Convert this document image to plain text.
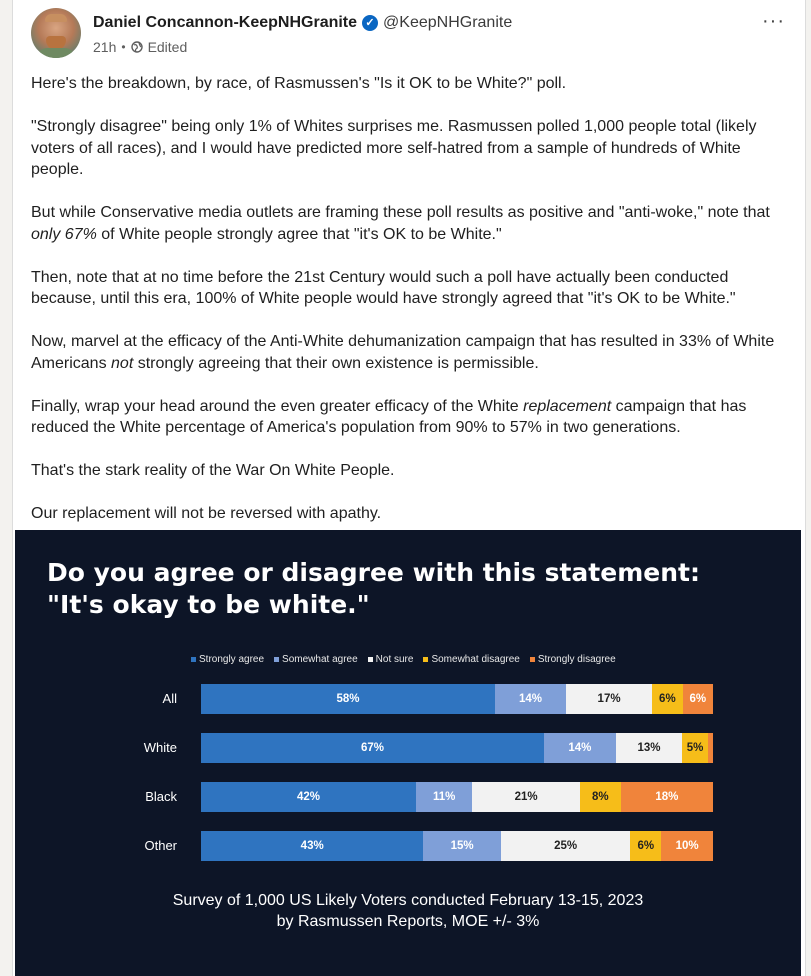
Daniel Concannon-KeepNHGranite ✓ @KeepNHGranite
21h • Edited
···

Here's the breakdown, by race, of Rasmussen's "Is it OK to be White?" poll.

"Strongly disagree" being only 1% of Whites surprises me. Rasmussen polled 1,000 people total (likely voters of all races), and I would have predicted more self-hatred from a sample of hundreds of White people.

But while Conservative media outlets are framing these poll results as positive and "anti-woke," note that only 67% of White people strongly agree that "it's OK to be White."

Then, note that at no time before the 21st Century would such a poll have actually been conducted because, until this era, 100% of White people would have strongly agreed that "it's OK to be White."

Now, marvel at the efficacy of the Anti-White dehumanization campaign that has resulted in 33% of White Americans not strongly agreeing that their own existence is permissible.

Finally, wrap your head around the even greater efficacy of the White replacement campaign that has reduced the White percentage of America's population from 90% to 57% in two generations.

That's the stark reality of the War On White People.

Our replacement will not be reversed with apathy.

Do you agree or disagree with this statement:
"It's okay to be white."
Strongly agree Somewhat agree Not sure Somewhat disagree Strongly disagree
All	58%	14%	17%	6%	6%
White	67%	14%	13%	5%
Black	42%	11%	21%	8%	18%
Other	43%	15%	25%	6%	10%
Survey of 1,000 US Likely Voters conducted February 13-15, 2023
by Rasmussen Reports, MOE +/- 3%
